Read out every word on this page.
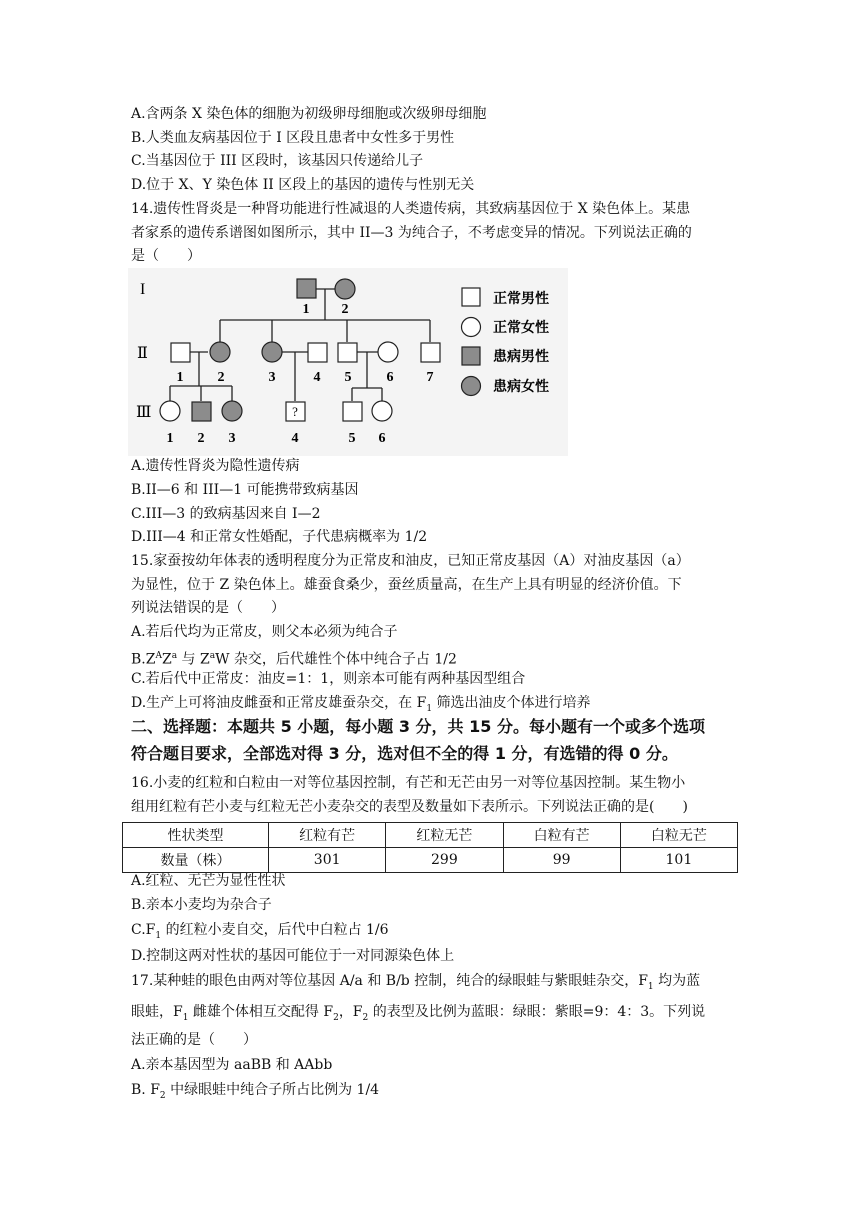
A.含两条 X 染色体的细胞为初级卵母细胞或次级卵母细胞
B.人类血友病基因位于 I 区段且患者中女性多于男性
C.当基因位于 III 区段时，该基因只传递给儿子
D.位于 X、Y 染色体 II 区段上的基因的遗传与性别无关
14.遗传性肾炎是一种肾功能进行性减退的人类遗传病，其致病基因位于 X 染色体上。某患
者家系的遗传系谱图如图所示，其中 II—3 为纯合子，不考虑变异的情况。下列说法正确的
是（　　）
?
I
Ⅱ
Ⅲ
1 2
1 2	3	4 5	6 7
1 2 3	4	5 6
正常男性
正常女性
患病男性
患病女性
A.遗传性肾炎为隐性遗传病
B.II—6 和 III—1 可能携带致病基因
C.III—3 的致病基因来自 I—2
D.III—4 和正常女性婚配，子代患病概率为 1/2
15.家蚕按幼年体表的透明程度分为正常皮和油皮，已知正常皮基因（A）对油皮基因（a）
为显性，位于 Z 染色体上。雄蚕食桑少，蚕丝质量高，在生产上具有明显的经济价值。下
列说法错误的是（　　）
A.若后代均为正常皮，则父本必须为纯合子
$B.Z^AZ^a$ 与 $Z^aW$ 杂交，后代雄性个体中纯合子占 1/2
C.若后代中正常皮：油皮=1：1，则亲本可能有两种基因型组合
D.生产上可将油皮雌蚕和正常皮雄蚕杂交，在 $F_1$ 筛选出油皮个体进行培养
二、选择题：本题共 5 小题，每小题 3 分，共 15 分。每小题有一个或多个选项
符合题目要求，全部选对得 3 分，选对但不全的得 1 分，有选错的得 0 分。
16.小麦的红粒和白粒由一对等位基因控制，有芒和无芒由另一对等位基因控制。某生物小
组用红粒有芒小麦与红粒无芒小麦杂交的表型及数量如下表所示。下列说法正确的是(　　)
性状类型	红粒有芒	红粒无芒	白粒有芒	白粒无芒
数量（株）	301	299	99	101
A.红粒、无芒为显性性状
B.亲本小麦均为杂合子
$C.F_1$ 的红粒小麦自交，后代中白粒占 1/6
D.控制这两对性状的基因可能位于一对同源染色体上
17.某种蛙的眼色由两对等位基因 A/a 和 B/b 控制，纯合的绿眼蛙与紫眼蛙杂交，$F_1$ 均为蓝
眼蛙，$F_1$ 雌雄个体相互交配得 $F_2$，$F_2$ 的表型及比例为蓝眼：绿眼：紫眼=9：4：3。下列说
法正确的是（　　）
A.亲本基因型为 aaBB 和 AAbb
B. $F_2$ 中绿眼蛙中纯合子所占比例为 1/4
